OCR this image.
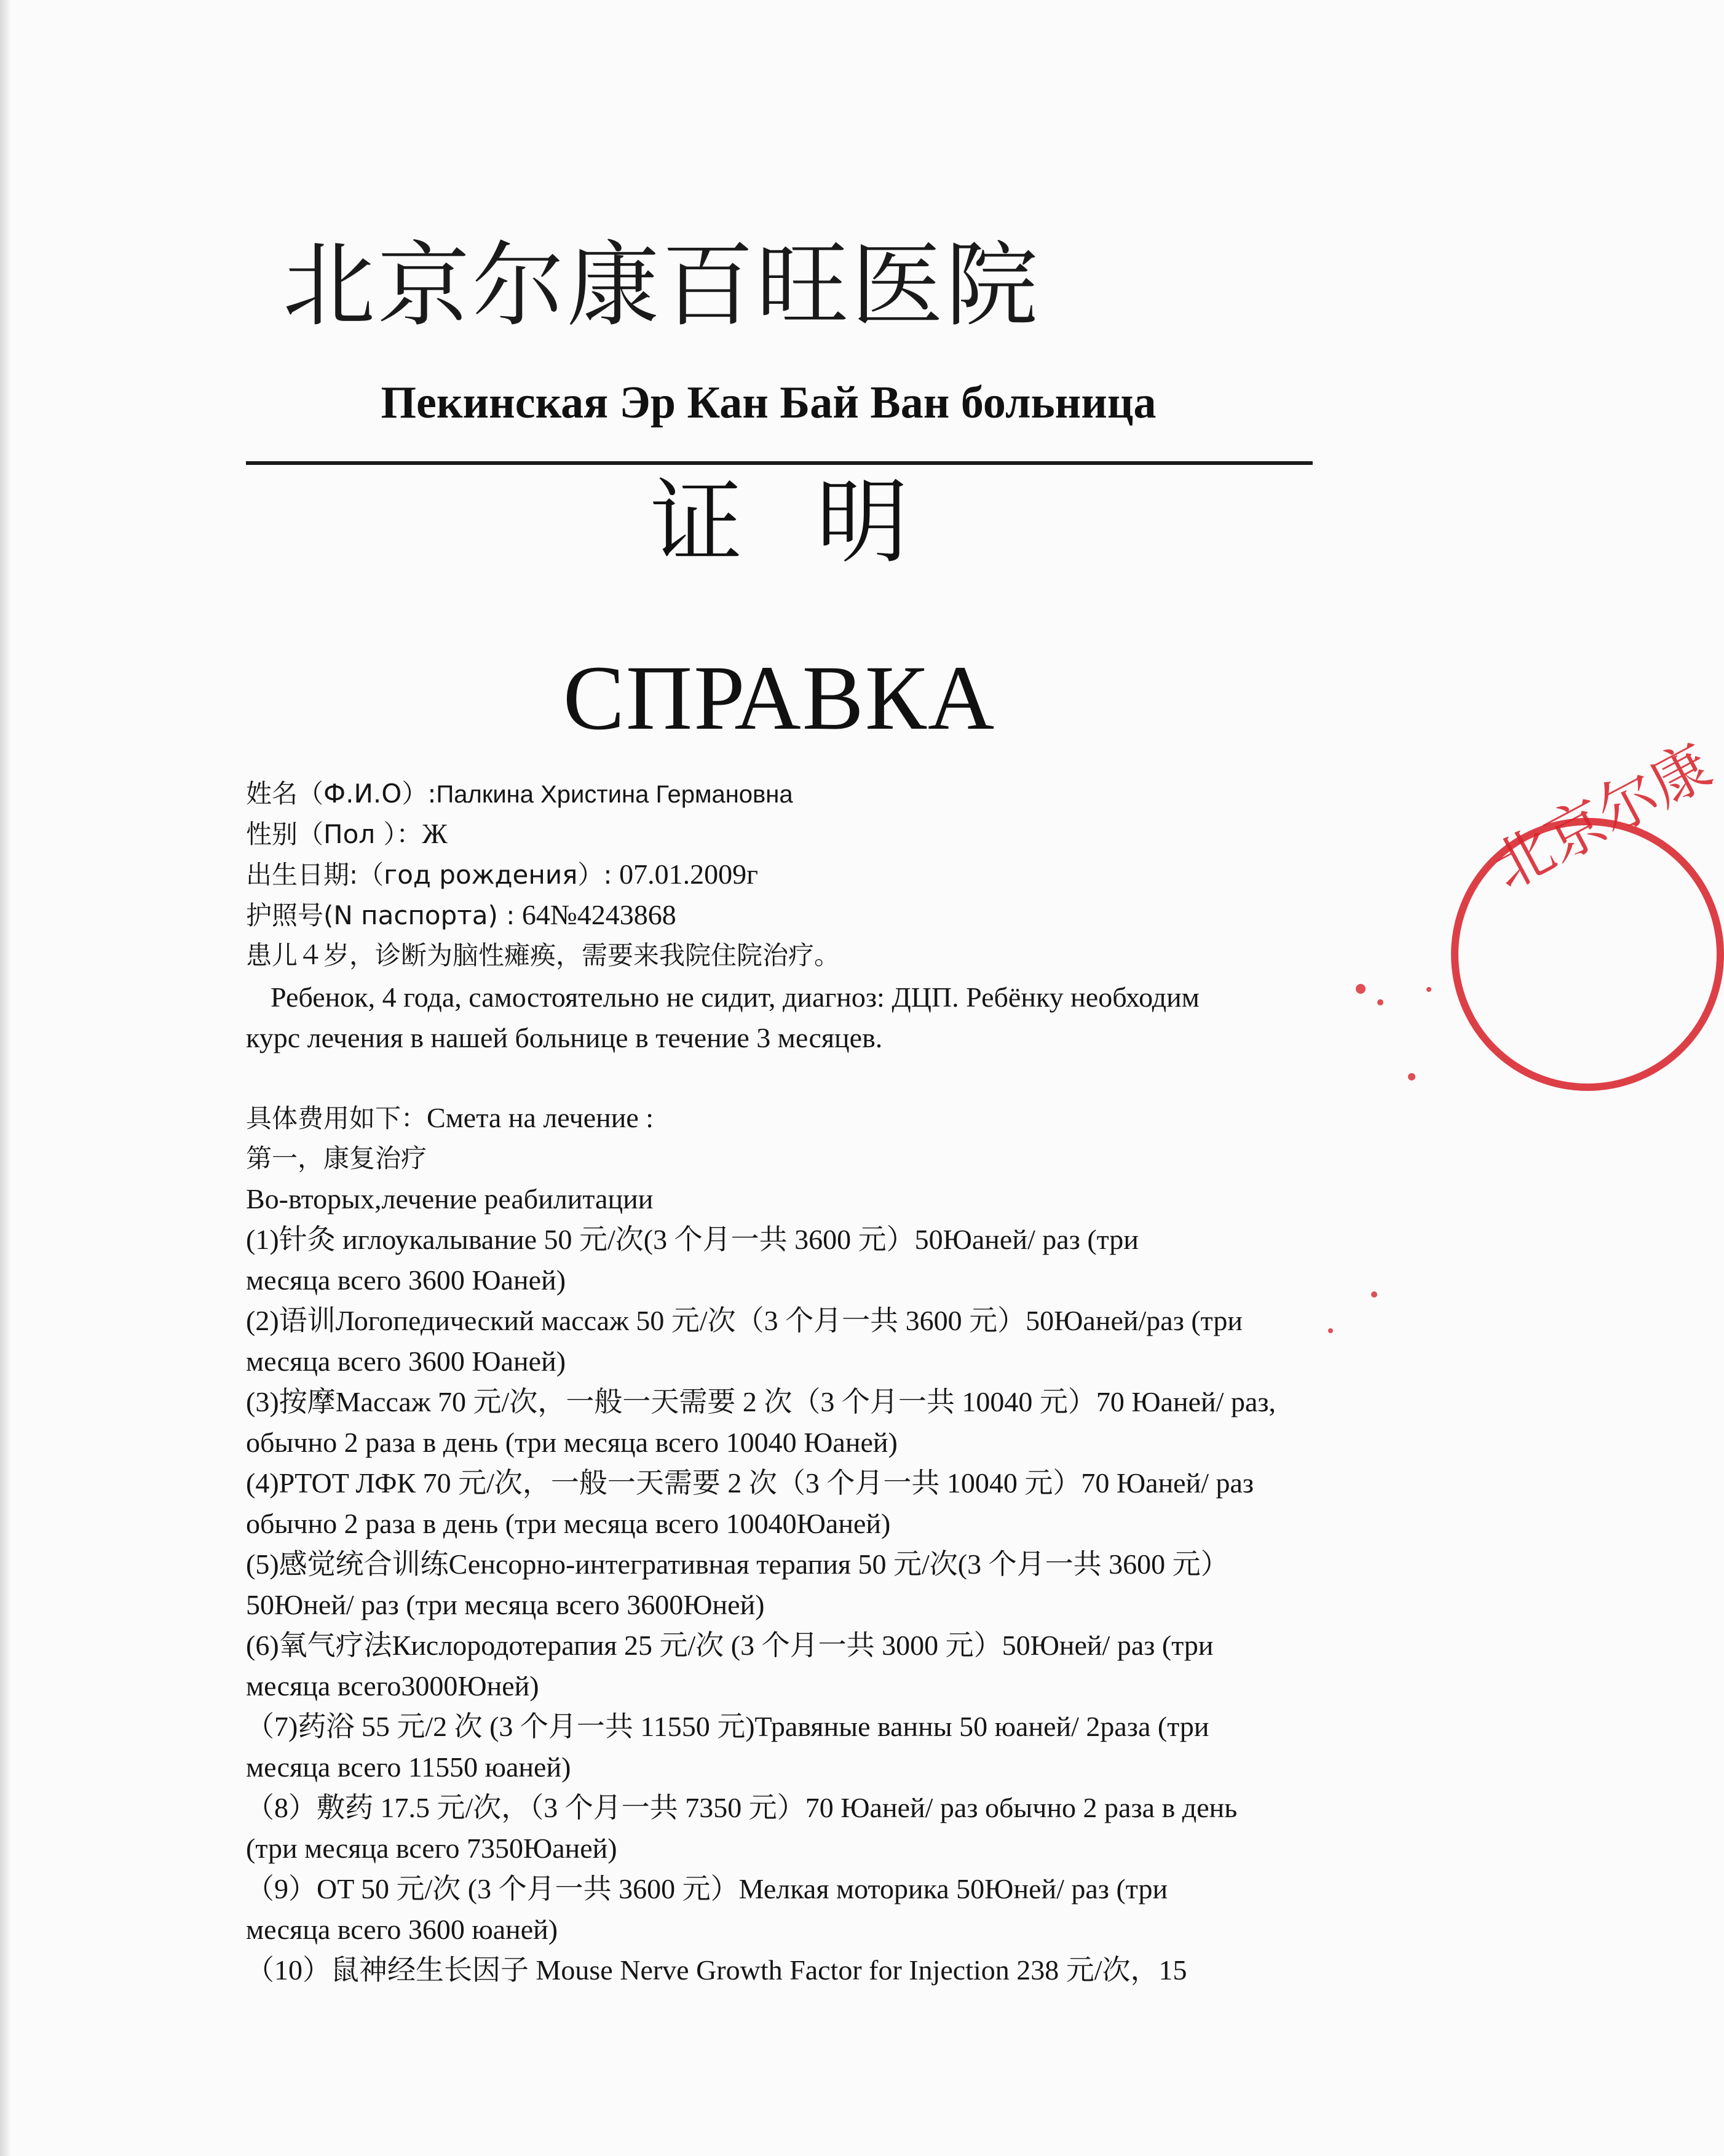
北京尔康百旺医院
Пекинская Эр Кан Бай Ван больница
证明
СПРАВКА
姓名（Ф.И.О）:Палкина Христина Германовна
性别（Пол ）：Ж
出生日期:（год рождения）: 07.01.2009г
护照号(N паспорта) : 64№4243868
患儿４岁，诊断为脑性瘫痪，需要来我院住院治疗。
Ребенок, 4 года, самостоятельно не сидит, диагноз: ДЦП. Ребёнку необходим
курс лечения в нашей больнице в течение 3 месяцев.
具体费用如下：Смета на лечение :
第一，康复治疗
Во-вторых,лечение реабилитации
(1)针灸 иглоукалывание 50 元/次(3 个月一共 3600 元）50Юаней/ раз (три
месяца всего 3600 Юаней)
(2)语训Логопедический массаж 50 元/次（3 个月一共 3600 元）50Юаней/раз (три
месяца всего 3600 Юаней)
(3)按摩Массаж 70 元/次，一般一天需要 2 次（3 个月一共 10040 元）70 Юаней/ раз,
обычно 2 раза в день (три месяца всего 10040 Юаней)
(4)PTOT ЛФК 70 元/次，一般一天需要 2 次（3 个月一共 10040 元）70 Юаней/ раз
обычно 2 раза в день (три месяца всего 10040Юаней)
(5)感觉统合训练Сенсорно-интегративная терапия 50 元/次(3 个月一共 3600 元）
50Юней/ раз (три месяца всего 3600Юней)
(6)氧气疗法Кислородотерапия 25 元/次 (3 个月一共 3000 元）50Юней/ раз (три
месяца всего3000Юней)
（7)药浴 55 元/2 次 (3 个月一共 11550 元)Травяные ванны 50 юаней/ 2раза (три
месяца всего 11550 юаней)
（8）敷药 17.5 元/次，（3 个月一共 7350 元）70 Юаней/ раз обычно 2 раза в день
(три месяца всего 7350Юаней)
（9）OT 50 元/次 (3 个月一共 3600 元）Мелкая моторика 50Юней/ раз (три
месяца всего 3600 юаней)
（10）鼠神经生长因子 Mouse Nerve Growth Factor for Injection 238 元/次，15
北京尔康
